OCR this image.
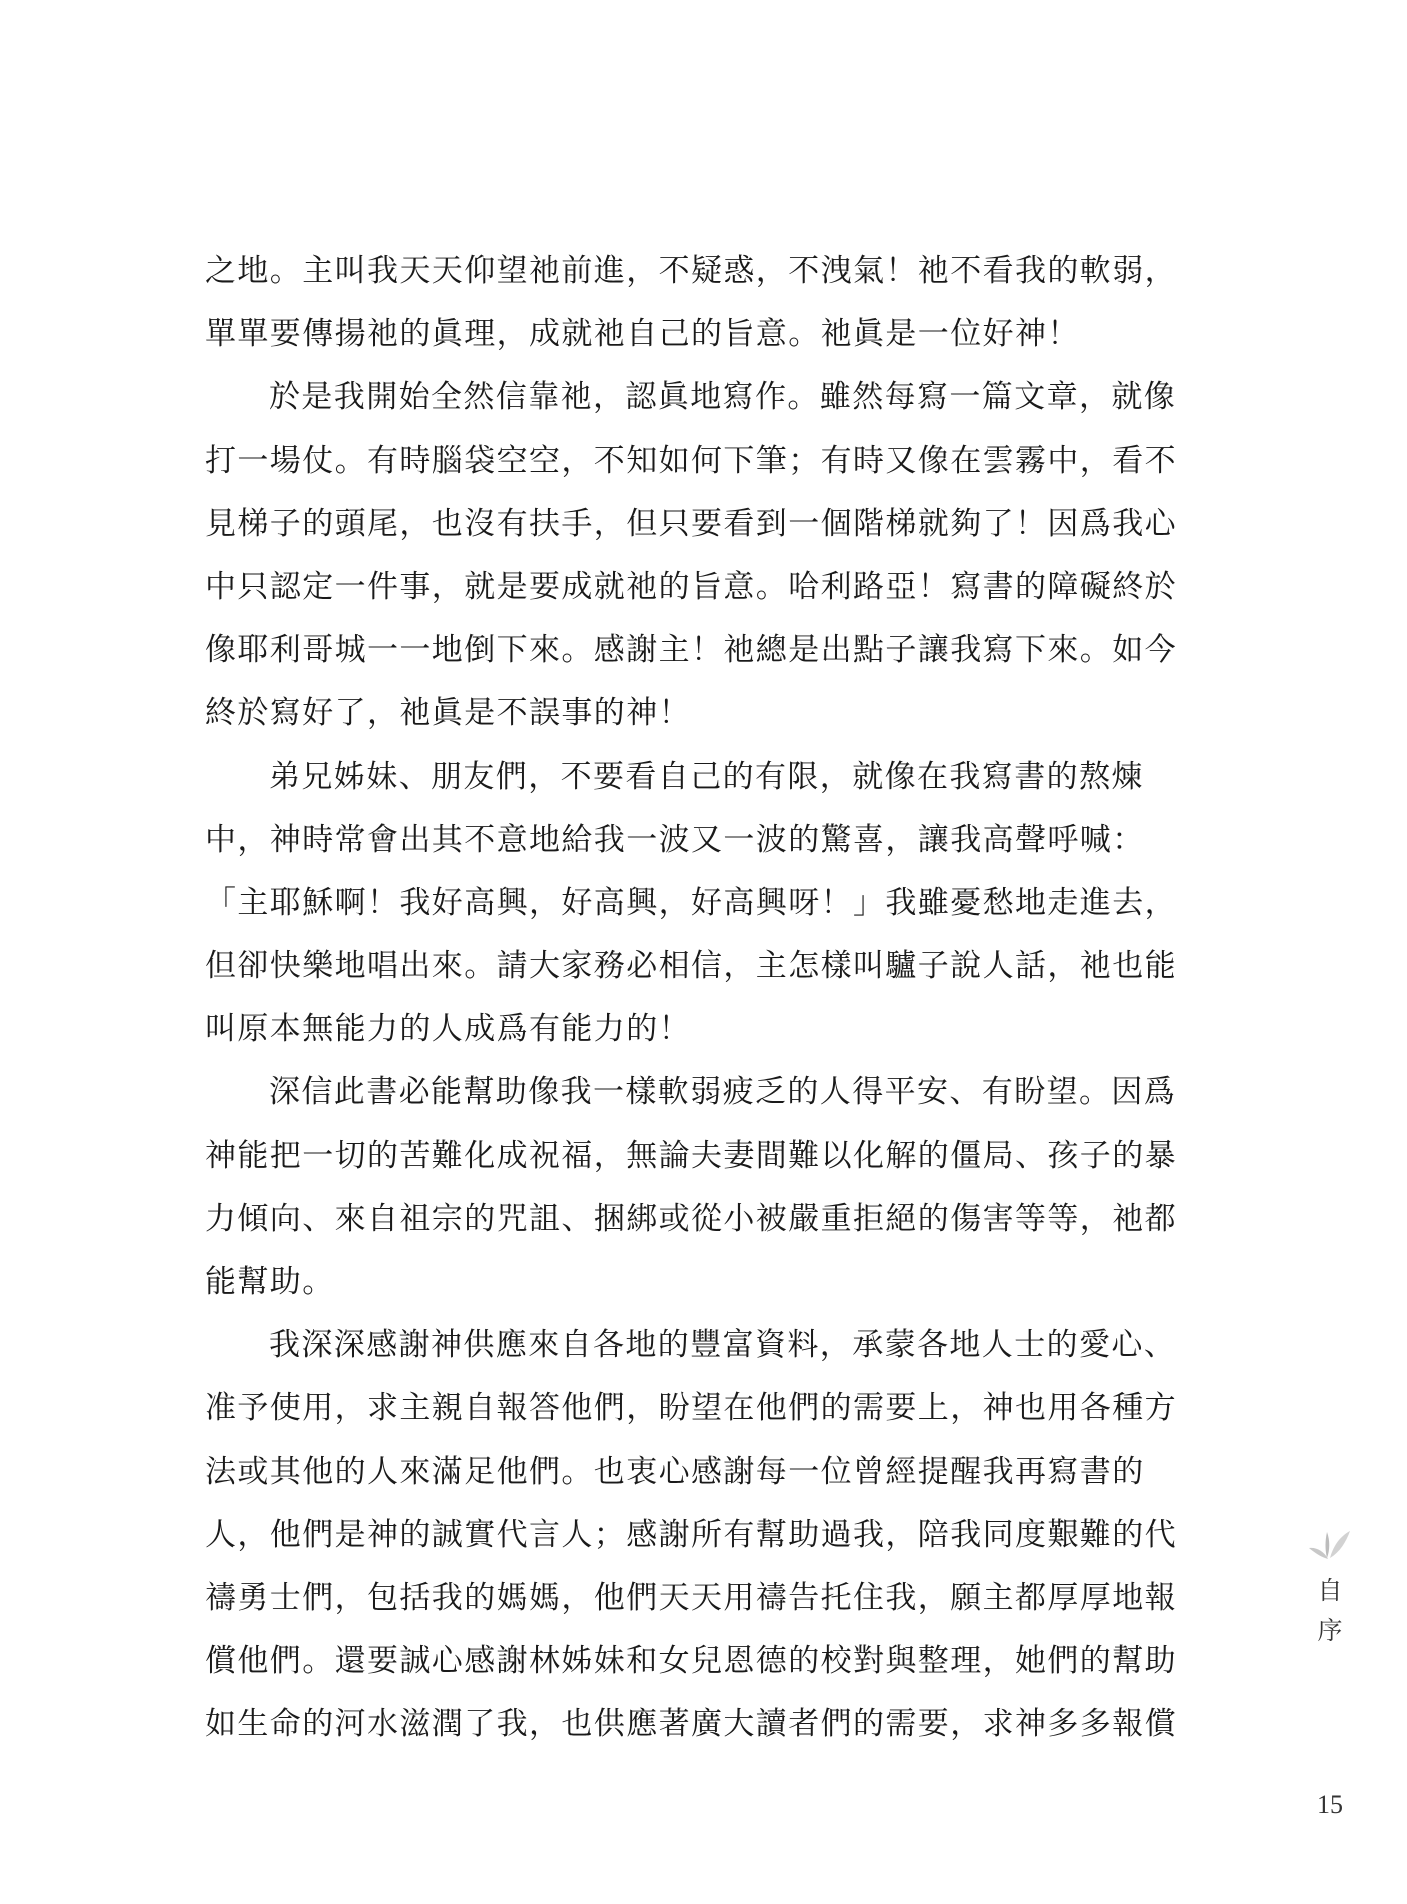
之地。主叫我天天仰望祂前進，不疑惑，不洩氣！祂不看我的軟弱，
單單要傳揚祂的眞理，成就祂自己的旨意。祂眞是一位好神！
於是我開始全然信靠祂，認眞地寫作。雖然每寫一篇文章，就像
打一場仗。有時腦袋空空，不知如何下筆；有時又像在雲霧中，看不
見梯子的頭尾，也沒有扶手，但只要看到一個階梯就夠了！因爲我心
中只認定一件事，就是要成就祂的旨意。哈利路亞！寫書的障礙終於
像耶利哥城一一地倒下來。感謝主！祂總是出點子讓我寫下來。如今
終於寫好了，祂眞是不誤事的神！
弟兄姊妹、朋友們，不要看自己的有限，就像在我寫書的熬煉
中，神時常會出其不意地給我一波又一波的驚喜，讓我高聲呼喊：
「主耶穌啊！我好高興，好高興，好高興呀！」我雖憂愁地走進去，
但卻快樂地唱出來。請大家務必相信，主怎樣叫驢子說人話，祂也能
叫原本無能力的人成爲有能力的！
深信此書必能幫助像我一樣軟弱疲乏的人得平安、有盼望。因爲
神能把一切的苦難化成祝福，無論夫妻間難以化解的僵局、孩子的暴
力傾向、來自祖宗的咒詛、捆綁或從小被嚴重拒絕的傷害等等，祂都
能幫助。
我深深感謝神供應來自各地的豐富資料，承蒙各地人士的愛心、
准予使用，求主親自報答他們，盼望在他們的需要上，神也用各種方
法或其他的人來滿足他們。也衷心感謝每一位曾經提醒我再寫書的
人，他們是神的誠實代言人；感謝所有幫助過我，陪我同度艱難的代
禱勇士們，包括我的媽媽，他們天天用禱告托住我，願主都厚厚地報
償他們。還要誠心感謝林姊妹和女兒恩德的校對與整理，她們的幫助
如生命的河水滋潤了我，也供應著廣大讀者們的需要，求神多多報償
自
序
15
